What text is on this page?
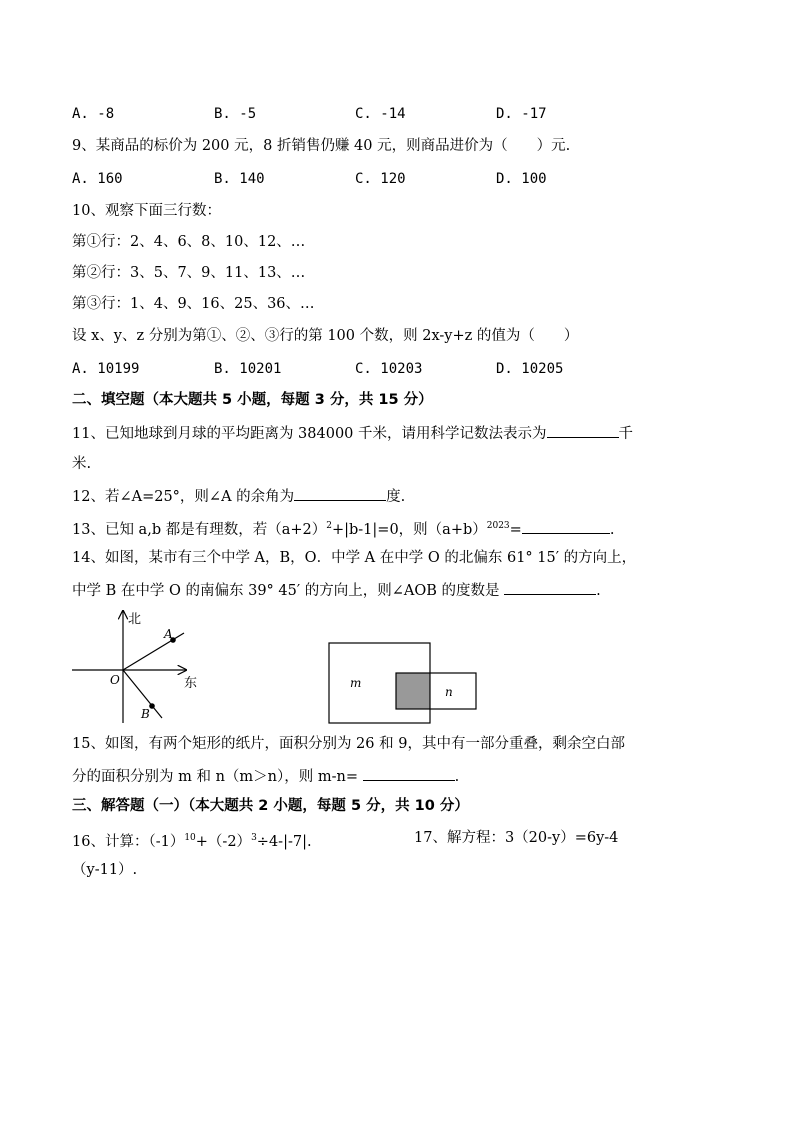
A. -8	B. -5	C. -14	D. -17
9、某商品的标价为 200 元，8 折销售仍赚 40 元，则商品进价为（　　）元.
A. 160	B. 140	C. 120	D. 100
10、观察下面三行数：
第①行：2、4、6、8、10、12、…
第②行：3、5、7、9、11、13、…
第③行：1、4、9、16、25、36、…
设 x、y、z 分别为第①、②、③行的第 100 个数，则 2x-y+z 的值为（　　）
A. 10199	B. 10201	C. 10203	D. 10205
二、填空题（本大题共 5 小题，每题 3 分，共 15 分）
11、已知地球到月球的平均距离为 384000 千米，请用科学记数法表示为	千
米.
12、若∠A=25°，则∠A 的余角为	度.
13、已知 a,b 都是有理数，若$(a+2)^2+|b-1|=0$，则$(a+b)^{2023}=$	.
14、如图，某市有三个中学 A，B，O．中学 A 在中学 O 的北偏东 61° 15′ 的方向上，
中学 B 在中学 O 的南偏东 39° 45′ 的方向上，则∠AOB 的度数是	.
北
东
O
A
B
m
n
15、如图，有两个矩形的纸片，面积分别为 26 和 9，其中有一部分重叠，剩余空白部
分的面积分别为 m 和 n（m＞n），则 m-n=	.
三、解答题（一）（本大题共 2 小题，每题 5 分，共 10 分）
16、计算：$(-1)^{10}+(-2)^3\div 4-|-7|$.	17、解方程：3（20-y）=6y-4
（y-11）.
